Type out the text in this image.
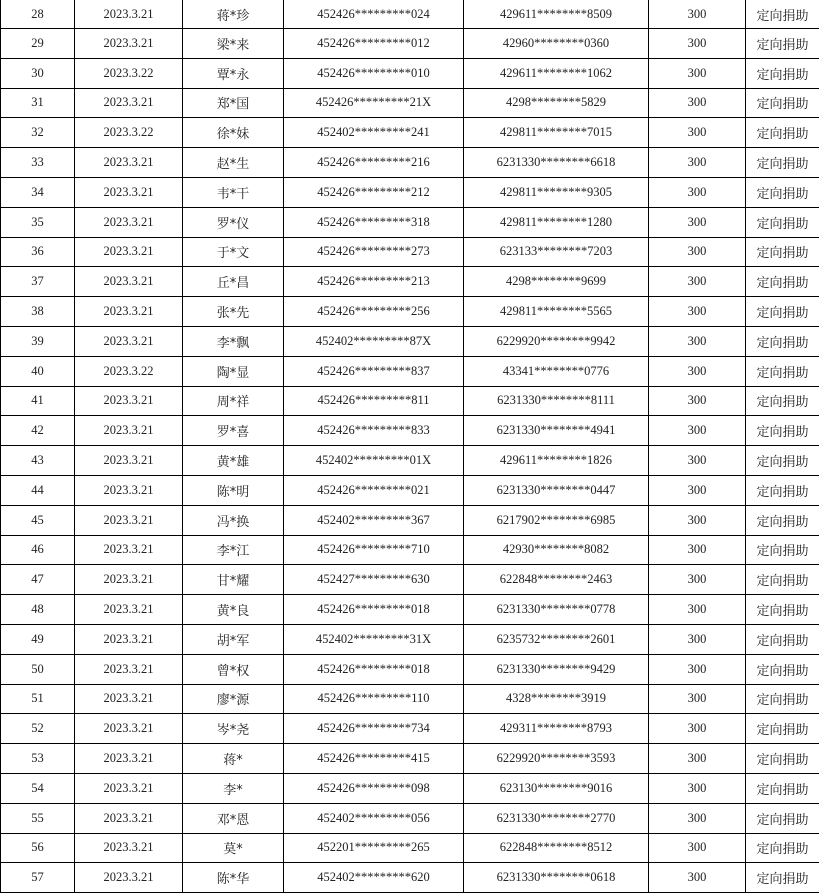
28	2023.3.21	蒋*珍	452426*********024	429611********8509	300	定向捐助
29	2023.3.21	梁*来	452426*********012	42960********0360	300	定向捐助
30	2023.3.22	覃*永	452426*********010	429611********1062	300	定向捐助
31	2023.3.21	郑*国	452426*********21X	4298********5829	300	定向捐助
32	2023.3.22	徐*妹	452402*********241	429811********7015	300	定向捐助
33	2023.3.21	赵*生	452426*********216	6231330********6618	300	定向捐助
34	2023.3.21	韦*干	452426*********212	429811********9305	300	定向捐助
35	2023.3.21	罗*仪	452426*********318	429811********1280	300	定向捐助
36	2023.3.21	于*文	452426*********273	623133********7203	300	定向捐助
37	2023.3.21	丘*昌	452426*********213	4298********9699	300	定向捐助
38	2023.3.21	张*先	452426*********256	429811********5565	300	定向捐助
39	2023.3.21	李*飘	452402*********87X	6229920********9942	300	定向捐助
40	2023.3.22	陶*显	452426*********837	43341********0776	300	定向捐助
41	2023.3.21	周*祥	452426*********811	6231330********8111	300	定向捐助
42	2023.3.21	罗*喜	452426*********833	6231330********4941	300	定向捐助
43	2023.3.21	黄*雄	452402*********01X	429611********1826	300	定向捐助
44	2023.3.21	陈*明	452426*********021	6231330********0447	300	定向捐助
45	2023.3.21	冯*换	452402*********367	6217902********6985	300	定向捐助
46	2023.3.21	李*江	452426*********710	42930********8082	300	定向捐助
47	2023.3.21	甘*耀	452427*********630	622848********2463	300	定向捐助
48	2023.3.21	黄*良	452426*********018	6231330********0778	300	定向捐助
49	2023.3.21	胡*军	452402*********31X	6235732********2601	300	定向捐助
50	2023.3.21	曾*权	452426*********018	6231330********9429	300	定向捐助
51	2023.3.21	廖*源	452426*********110	4328********3919	300	定向捐助
52	2023.3.21	岑*尧	452426*********734	429311********8793	300	定向捐助
53	2023.3.21	蒋*	452426*********415	6229920********3593	300	定向捐助
54	2023.3.21	李*	452426*********098	623130********9016	300	定向捐助
55	2023.3.21	邓*恩	452402*********056	6231330********2770	300	定向捐助
56	2023.3.21	莫*	452201*********265	622848********8512	300	定向捐助
57	2023.3.21	陈*华	452402*********620	6231330********0618	300	定向捐助
